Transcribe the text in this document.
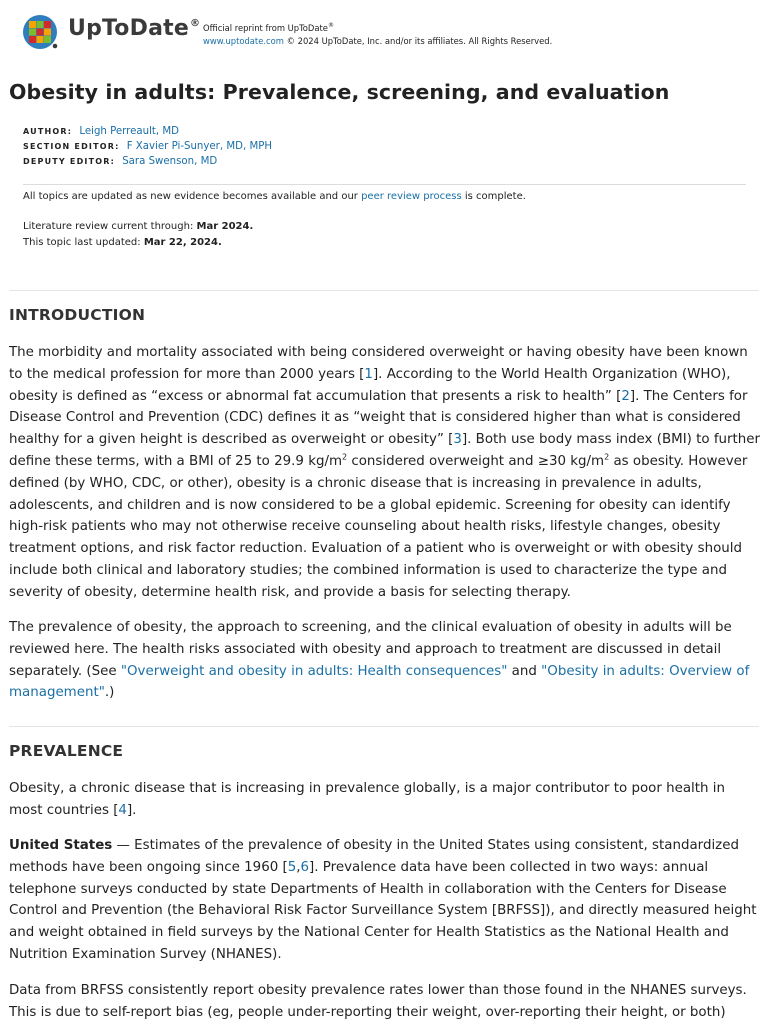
UpToDate® Official reprint from UpToDate®
www.uptodate.com © 2024 UpToDate, Inc. and/or its affiliates. All Rights Reserved.
Obesity in adults: Prevalence, screening, and evaluation
AUTHOR: Leigh Perreault, MD
SECTION EDITOR: F Xavier Pi-Sunyer, MD, MPH
DEPUTY EDITOR: Sara Swenson, MD
All topics are updated as new evidence becomes available and our peer review process is complete.
Literature review current through: Mar 2024.
This topic last updated: Mar 22, 2024.
INTRODUCTION

The morbidity and mortality associated with being considered overweight or having obesity have been known to the medical profession for more than 2000 years [1]. According to the World Health Organization (WHO), obesity is defined as “excess or abnormal fat accumulation that presents a risk to health” [2]. The Centers for Disease Control and Prevention (CDC) defines it as “weight that is considered higher than what is considered healthy for a given height is described as overweight or obesity” [3]. Both use body mass index (BMI) to further define these terms, with a BMI of 25 to 29.9 $kg/m^2$ considered overweight and ≥30 $kg/m^2$ as obesity. However defined (by WHO, CDC, or other), obesity is a chronic disease that is increasing in prevalence in adults, adolescents, and children and is now considered to be a global epidemic. Screening for obesity can identify high-risk patients who may not otherwise receive counseling about health risks, lifestyle changes, obesity treatment options, and risk factor reduction. Evaluation of a patient who is overweight or with obesity should include both clinical and laboratory studies; the combined information is used to characterize the type and severity of obesity, determine health risk, and provide a basis for selecting therapy.

The prevalence of obesity, the approach to screening, and the clinical evaluation of obesity in adults will be reviewed here. The health risks associated with obesity and approach to treatment are discussed in detail separately. (See "Overweight and obesity in adults: Health consequences" and "Obesity in adults: Overview of management".)

PREVALENCE

Obesity, a chronic disease that is increasing in prevalence globally, is a major contributor to poor health in most countries [4].

United States — Estimates of the prevalence of obesity in the United States using consistent, standardized methods have been ongoing since 1960 [5,6]. Prevalence data have been collected in two ways: annual telephone surveys conducted by state Departments of Health in collaboration with the Centers for Disease Control and Prevention (the Behavioral Risk Factor Surveillance System [BRFSS]), and directly measured height and weight obtained in field surveys by the National Center for Health Statistics as the National Health and Nutrition Examination Survey (NHANES).

Data from BRFSS consistently report obesity prevalence rates lower than those found in the NHANES surveys. This is due to self-report bias (eg, people under-reporting their weight, over-reporting their height, or both)
